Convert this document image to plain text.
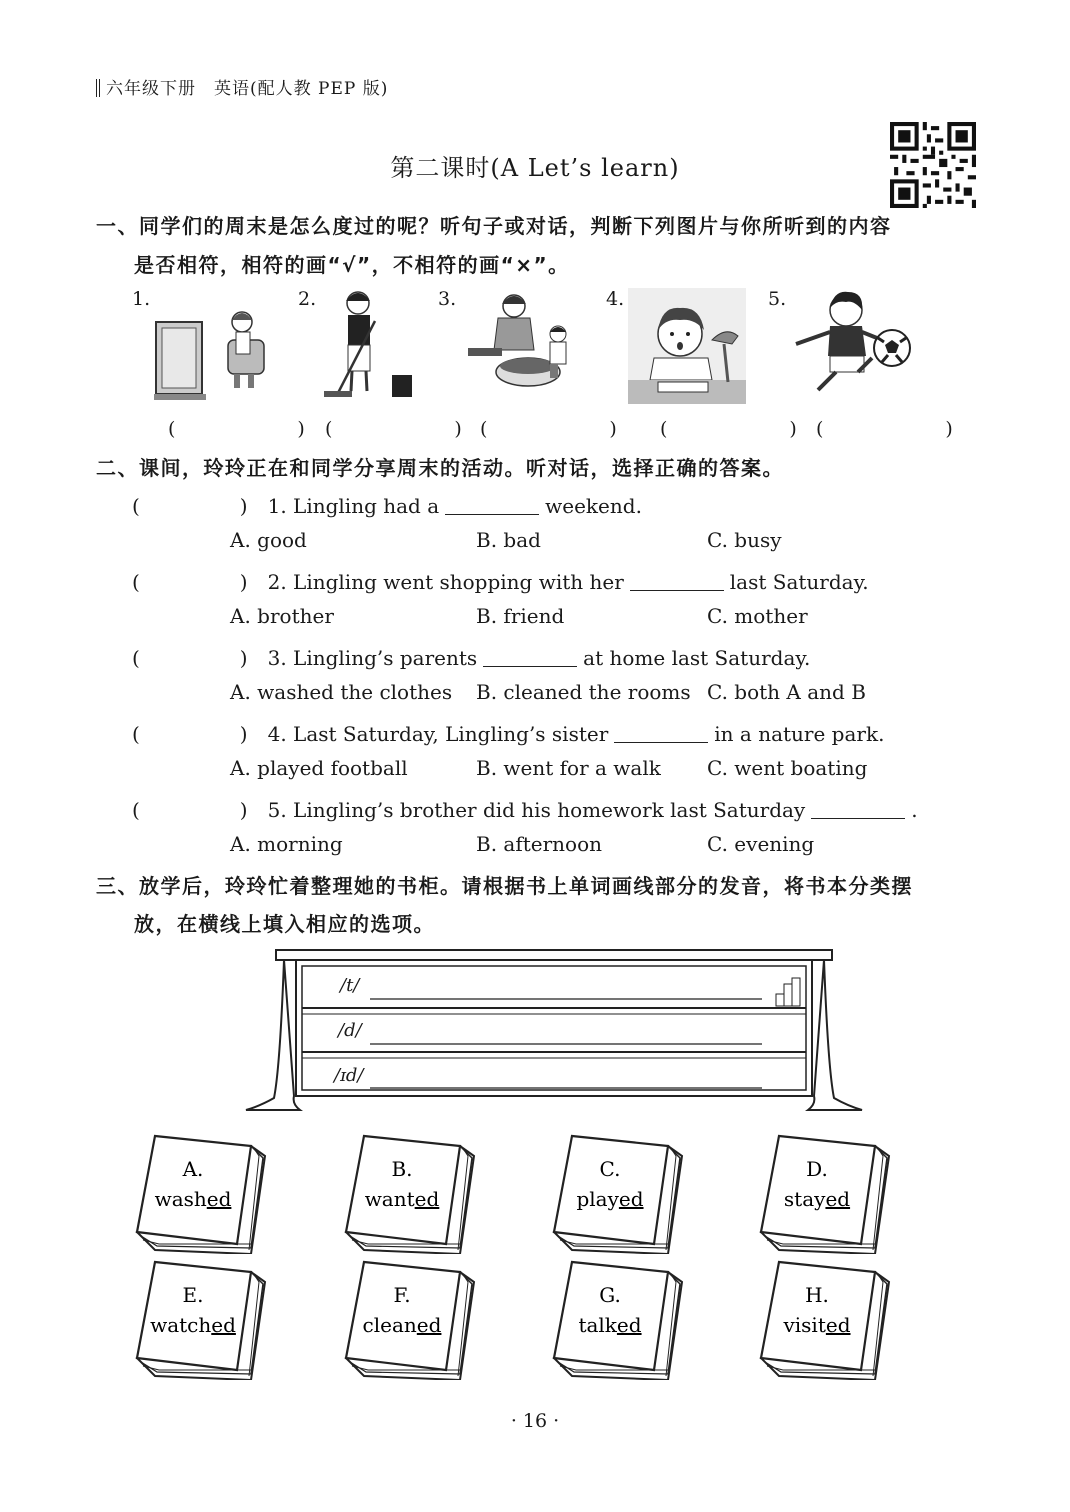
六年级下册　英语(配人教 PEP 版)
第二课时(A Let’s learn)
一、同学们的周末是怎么度过的呢？听句子或对话，判断下列图片与你所听到的内容
是否相符，相符的画“√”，不相符的画“×”。
1.	2.	3.	4.	5.
(　　)
(　　)
(　　) (　　)
(　　)
二、课间，玲玲正在和同学分享周末的活动。听对话，选择正确的答案。
(　　)1. Lingling had a	weekend.
A. good	B. bad	C. busy
(　　)2. Lingling went shopping with her	last Saturday.
A. brother	B. friend	C. mother
(　　)3. Lingling’s parents	at home last Saturday.
A. washed the clothes B. cleaned the rooms C. both A and B
(　　)4. Last Saturday, Lingling’s sister	in a nature park.
A. played football	B. went for a walk C. went boating
(　　)5. Lingling’s brother did his homework last Saturday	.
A. morning	B. afternoon	C. evening
三、放学后，玲玲忙着整理她的书柜。请根据书上单词画线部分的发音，将书本分类摆
放，在横线上填入相应的选项。
/t/
/d/
/ɪd/
A.
washed
B.
wanted
C.
played
D.
stayed
E.
watched
F.
cleaned
G.
talked
H.
visited
· 16 ·
